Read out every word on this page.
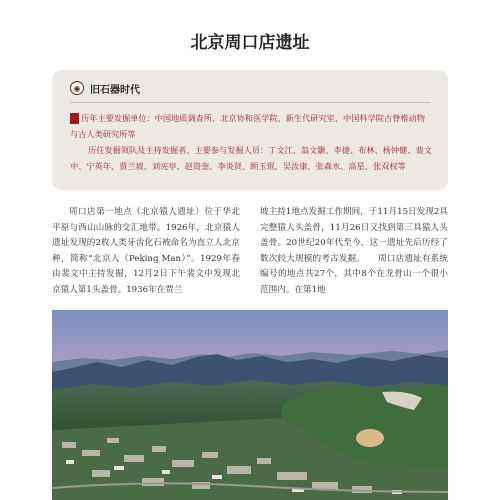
北京周口店遗址
◉ 旧石器时代
历年主要发掘单位：中国地质调查所、北京协和医学院、新生代研究室、中国科学院古脊椎动物与古人类研究所等
历任发掘领队及主持发掘者、主要参与发掘人员：丁文江、翁文灏、李捷、布林、杨钟健、裴文中、宁英年、贾兰坡、刘宪亭、赵资奎、李炎贤、顾玉珉、吴汝康、张森水、高星、张双权等
周口店第一地点（北京猿人遗址）位于华北平原与西山山脉的交汇地带。1926年，北京猿人遗址发现的2枚人类牙齿化石被命名为直立人北京种，简称“北京人（Peking Man）”。1929年春由裴文中主持发掘，12月2日下午裴文中发现北京猿人第1头盖骨。1936年在贾兰
坡主持1地点发掘工作期间，于11月15日发现2具完整猿人头盖骨，11月26日又找到第三具猿人头盖骨。20世纪20年代至今，这一遗址先后历经了数次较大规模的考古发掘。　　周口店遗址有系统编号的地点共27个，其中8个在龙骨山一个很小范围内。在第1地
